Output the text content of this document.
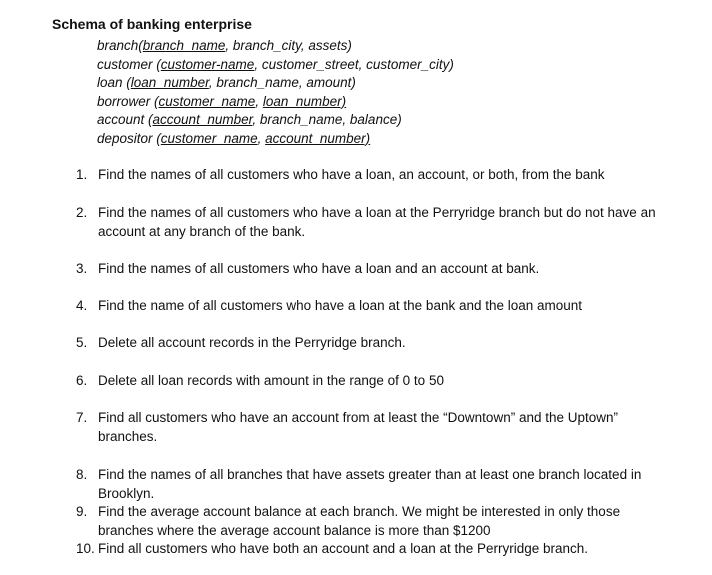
Schema of banking enterprise
branch(branch_name, branch_city, assets)
customer (customer-name, customer_street, customer_city)
loan (loan_number, branch_name, amount)
borrower (customer_name, loan_number)
account (account_number, branch_name, balance)
depositor (customer_name, account_number)
1. Find the names of all customers who have a loan, an account, or both, from the bank
2. Find the names of all customers who have a loan at the Perryridge branch but do not have an account at any branch of the bank.
3. Find the names of all customers who have a loan and an account at bank.
4. Find the name of all customers who have a loan at the bank and the loan amount
5. Delete all account records in the Perryridge branch.
6. Delete all loan records with amount in the range of 0 to 50
7. Find all customers who have an account from at least the “Downtown” and the Uptown” branches.
8. Find the names of all branches that have assets greater than at least one branch located in Brooklyn.
9. Find the average account balance at each branch. We might be interested in only those branches where the average account balance is more than $1200
10. Find all customers who have both an account and a loan at the Perryridge branch.
